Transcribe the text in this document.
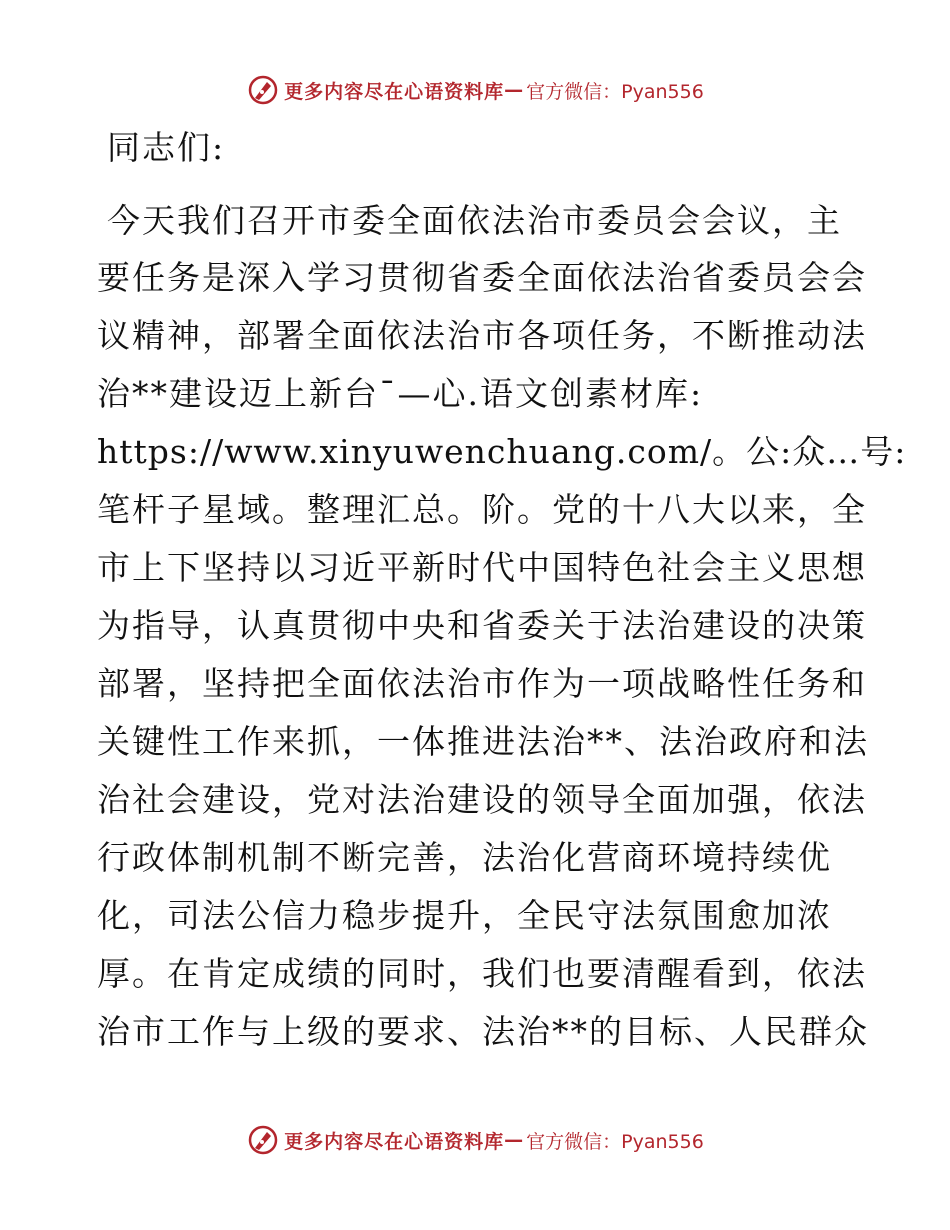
更多内容尽在心语资料库 — 官方微信：Pyan556
同志们:
今天我们召开市委全面依法治市委员会会议，主
要任务是深入学习贯彻省委全面依法治省委员会会
议精神，部署全面依法治市各项任务，不断推动法
治**建设迈上新台¯—心.语文创素材库:
https://www.xinyuwenchuang.com/。公:众…号:
笔杆子星域。整理汇总。阶。党的十八大以来，全
市上下坚持以习近平新时代中国特色社会主义思想
为指导，认真贯彻中央和省委关于法治建设的决策
部署，坚持把全面依法治市作为一项战略性任务和
关键性工作来抓，一体推进法治**、法治政府和法
治社会建设，党对法治建设的领导全面加强，依法
行政体制机制不断完善，法治化营商环境持续优
化，司法公信力稳步提升，全民守法氛围愈加浓
厚。在肯定成绩的同时，我们也要清醒看到，依法
治市工作与上级的要求、法治**的目标、人民群众
更多内容尽在心语资料库 — 官方微信：Pyan556
